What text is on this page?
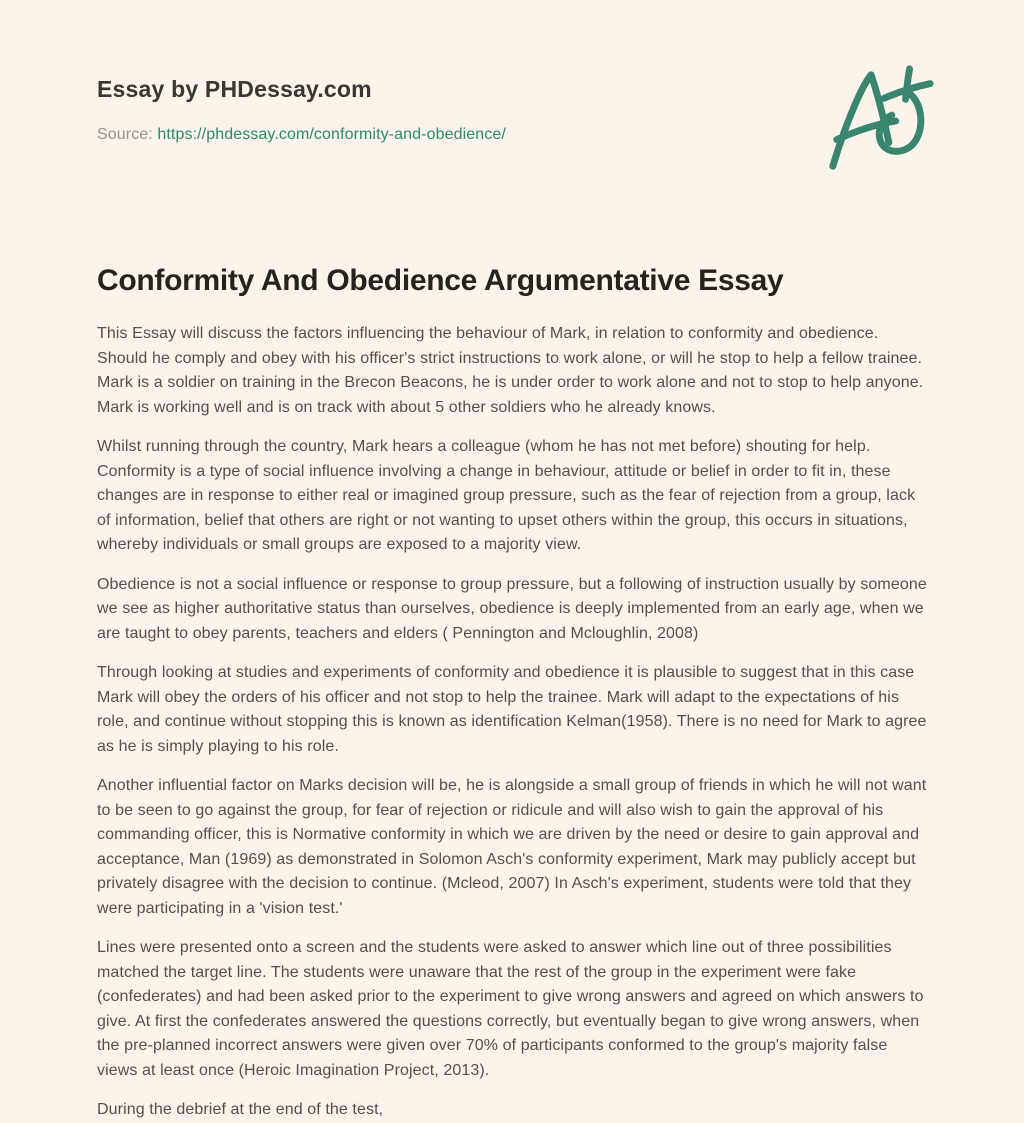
Essay by PHDessay.com
Source: https://phdessay.com/conformity-and-obedience/
Conformity And Obedience Argumentative Essay

This Essay will discuss the factors influencing the behaviour of Mark, in relation to conformity and obedience. Should he comply and obey with his officer's strict instructions to work alone, or will he stop to help a fellow trainee. Mark is a soldier on training in the Brecon Beacons, he is under order to work alone and not to stop to help anyone. Mark is working well and is on track with about 5 other soldiers who he already knows.

Whilst running through the country, Mark hears a colleague (whom he has not met before) shouting for help. Conformity is a type of social influence involving a change in behaviour, attitude or belief in order to fit in, these changes are in response to either real or imagined group pressure, such as the fear of rejection from a group, lack of information, belief that others are right or not wanting to upset others within the group, this occurs in situations, whereby individuals or small groups are exposed to a majority view.

Obedience is not a social influence or response to group pressure, but a following of instruction usually by someone we see as higher authoritative status than ourselves, obedience is deeply implemented from an early age, when we are taught to obey parents, teachers and elders ( Pennington and Mcloughlin, 2008)

Through looking at studies and experiments of conformity and obedience it is plausible to suggest that in this case Mark will obey the orders of his officer and not stop to help the trainee. Mark will adapt to the expectations of his role, and continue without stopping this is known as identification Kelman(1958). There is no need for Mark to agree as he is simply playing to his role.

Another influential factor on Marks decision will be, he is alongside a small group of friends in which he will not want to be seen to go against the group, for fear of rejection or ridicule and will also wish to gain the approval of his commanding officer, this is Normative conformity in which we are driven by the need or desire to gain approval and acceptance, Man (1969) as demonstrated in Solomon Asch's conformity experiment, Mark may publicly accept but privately disagree with the decision to continue. (Mcleod, 2007) In Asch's experiment, students were told that they were participating in a 'vision test.'

Lines were presented onto a screen and the students were asked to answer which line out of three possibilities matched the target line. The students were unaware that the rest of the group in the experiment were fake (confederates) and had been asked prior to the experiment to give wrong answers and agreed on which answers to give. At first the confederates answered the questions correctly, but eventually began to give wrong answers, when the pre-planned incorrect answers were given over 70% of participants conformed to the group's majority false views at least once (Heroic Imagination Project, 2013).

During the debrief at the end of the test,
